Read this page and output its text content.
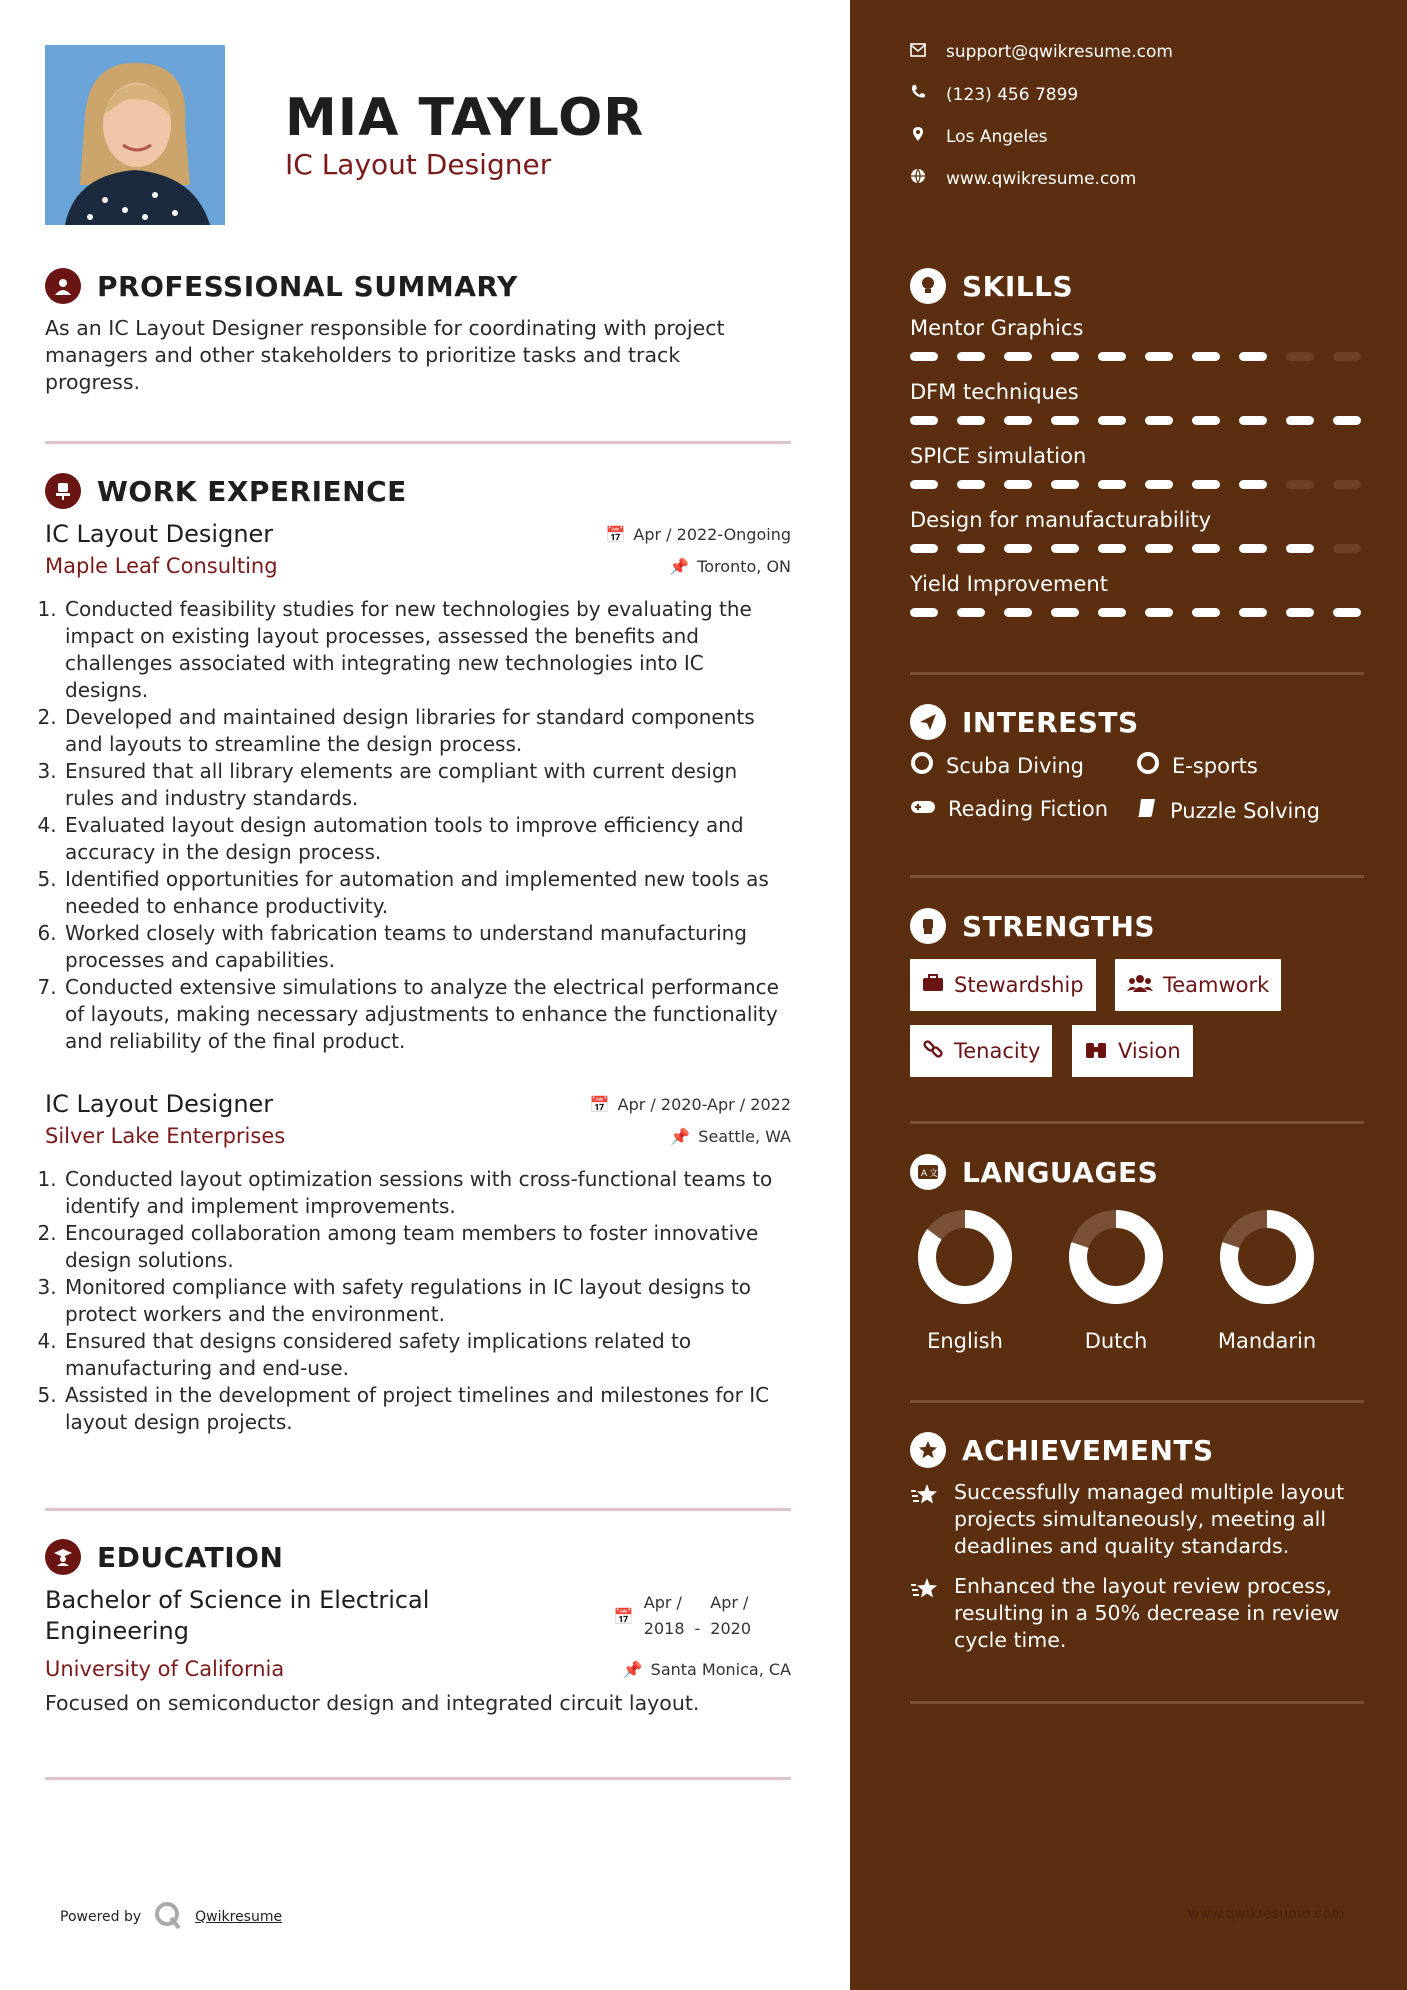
MIA TAYLOR
IC Layout Designer
PROFESSIONAL SUMMARY
As an IC Layout Designer responsible for coordinating with project managers and other stakeholders to prioritize tasks and track progress.
WORK EXPERIENCE
IC Layout Designer	📅 Apr / 2022-Ongoing
Maple Leaf Consulting	📌 Toronto, ON
1. Conducted feasibility studies for new technologies by evaluating the impact on existing layout processes, assessed the benefits and challenges associated with integrating new technologies into IC designs.
2. Developed and maintained design libraries for standard components and layouts to streamline the design process.
3. Ensured that all library elements are compliant with current design rules and industry standards.
4. Evaluated layout design automation tools to improve efficiency and accuracy in the design process.
5. Identified opportunities for automation and implemented new tools as needed to enhance productivity.
6. Worked closely with fabrication teams to understand manufacturing processes and capabilities.
7. Conducted extensive simulations to analyze the electrical performance of layouts, making necessary adjustments to enhance the functionality and reliability of the final product.
IC Layout Designer	📅 Apr / 2020-Apr / 2022
Silver Lake Enterprises	📌 Seattle, WA
1. Conducted layout optimization sessions with cross-functional teams to identify and implement improvements.
2. Encouraged collaboration among team members to foster innovative design solutions.
3. Monitored compliance with safety regulations in IC layout designs to protect workers and the environment.
4. Ensured that designs considered safety implications related to manufacturing and end-use.
5. Assisted in the development of project timelines and milestones for IC layout design projects.
EDUCATION
Bachelor of Science in Electrical Engineering
📅
Apr /
2018 -
Apr /
2020
University of California	📌 Santa Monica, CA
Focused on semiconductor design and integrated circuit layout.
Powered by	Qwikresume
support@qwikresume.com
(123) 456 7899
Los Angeles
www.qwikresume.com
SKILLS
Mentor Graphics
DFM techniques
SPICE simulation
Design for manufacturability
Yield Improvement
INTERESTS
Scuba Diving	E-sports
Reading Fiction	Puzzle Solving
STRENGTHS
Stewardship	Teamwork
Tenacity	Vision
A 文 LANGUAGES
English	Dutch	Mandarin
ACHIEVEMENTS
Successfully managed multiple layout projects simultaneously, meeting all deadlines and quality standards.
Enhanced the layout review process, resulting in a 50% decrease in review cycle time.
www.qwikresume.com
